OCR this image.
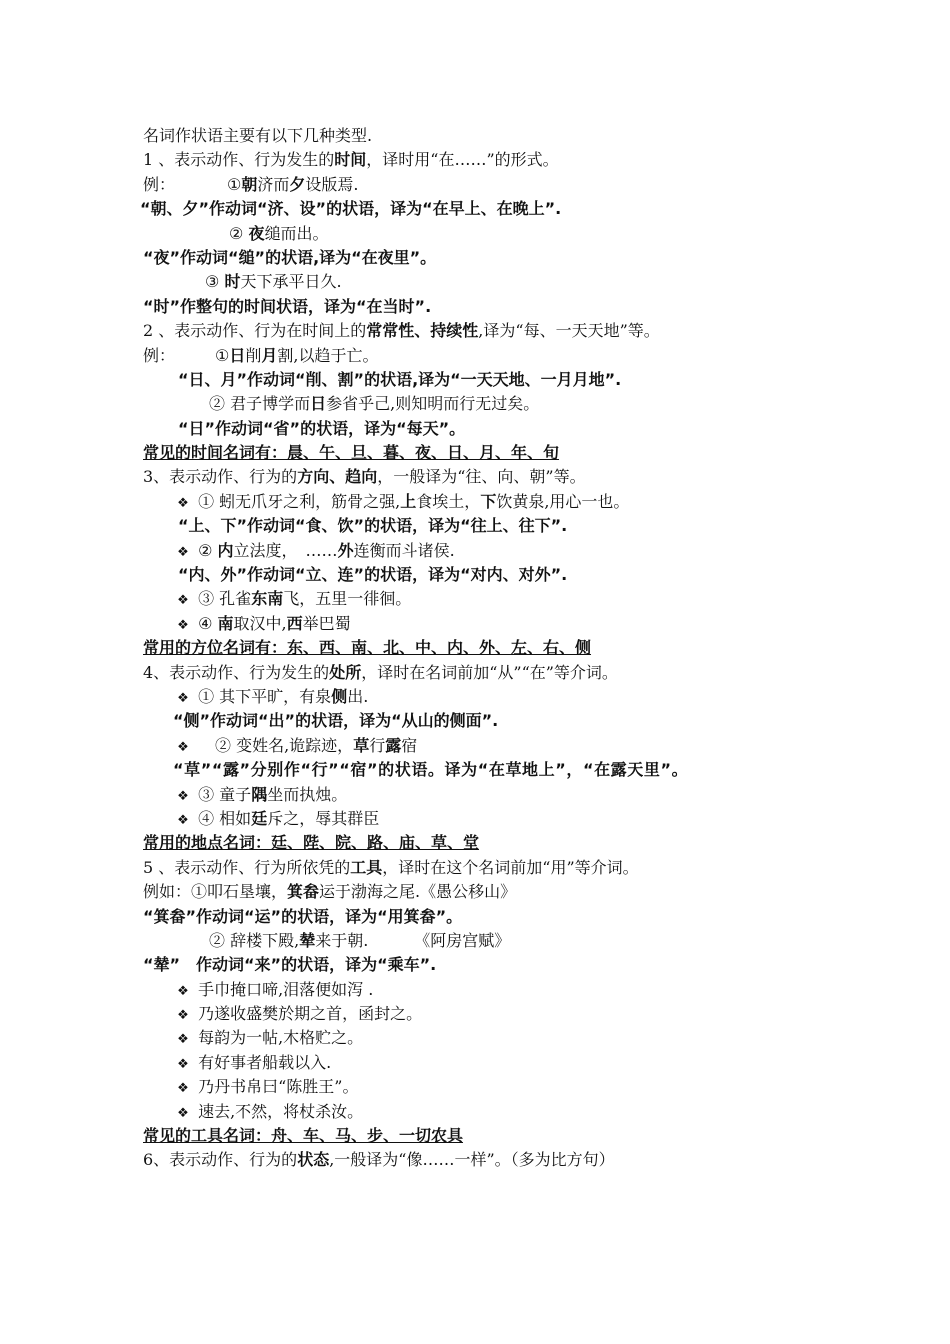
名词作状语主要有以下几种类型.
1 、表示动作、行为发生的时间，译时用“在……”的形式。
例：	①朝济而夕设版焉.
“朝、夕”作动词“济、设”的状语，译为“在早上、在晚上”.
② 夜缒而出。
“夜”作动词“缒”的状语,译为“在夜里”。
③ 时天下承平日久.
“时”作整句的时间状语，译为“在当时”.
2 、表示动作、行为在时间上的常常性、持续性,译为“每、一天天地”等。
例：	①日削月割,以趋于亡。
“日、月”作动词“削、割”的状语,译为“一天天地、一月月地”.
② 君子博学而日参省乎己,则知明而行无过矣。
“日”作动词“省”的状语，译为“每天”。
常见的时间名词有：晨、午、旦、暮、夜、日、月、年、旬
3、表示动作、行为的方向、趋向，一般译为“往、向、朝”等。
❖ ① 蚓无爪牙之利，筋骨之强,上食埃土，下饮黄泉,用心一也。
“上、下”作动词“食、饮”的状语，译为“往上、往下”.
❖ ② 内立法度，　……外连衡而斗诸侯.
“内、外”作动词“立、连”的状语，译为“对内、对外”.
❖ ③ 孔雀东南飞，五里一徘徊。
❖ ④ 南取汉中,西举巴蜀
常用的方位名词有：东、西、南、北、中、内、外、左、右、侧
4、表示动作、行为发生的处所，译时在名词前加“从”“在”等介词。
❖ ① 其下平旷，有泉侧出.
“侧”作动词“出”的状语，译为“从山的侧面”.
❖ ② 变姓名,诡踪迹，草行露宿
“草”“露”分别作“行”“宿”的状语。译为“在草地上”，“在露天里”。
❖ ③ 童子隅坐而执烛。
❖ ④ 相如廷斥之，辱其群臣
常用的地点名词：廷、陛、院、路、庙、草、堂
5 、表示动作、行为所依凭的工具，译时在这个名词前加“用”等介词。
例如：①叩石垦壤，箕畚运于渤海之尾.《愚公移山》
“箕畚”作动词“运”的状语，译为“用箕畚”。
② 辞楼下殿,辇来于朝.	《阿房宫赋》
“辇”　作动词“来”的状语，译为“乘车”.
❖ 手巾掩口啼,泪落便如泻 .
❖ 乃遂收盛樊於期之首，函封之。
❖ 每韵为一帖,木格贮之。
❖ 有好事者船载以入.
❖ 乃丹书帛曰“陈胜王”。
❖ 速去,不然，将杖杀汝。
常见的工具名词：舟、车、马、步、一切农具
6、表示动作、行为的状态,一般译为“像……一样”。（多为比方句）
